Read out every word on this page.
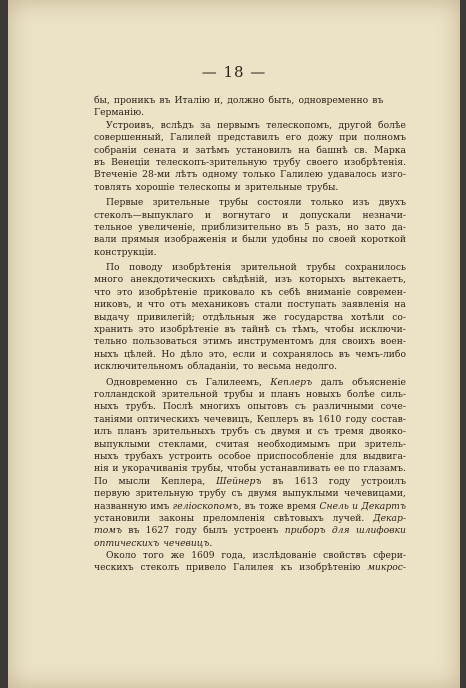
— 18 —
бы, проникъ въ Италію и, должно быть, одновременно въ
Германію.
Устроивъ, вслѣдъ за первымъ телескопомъ, другой болѣе
совершенный, Галилей представилъ его дожу при полномъ
собраніи сената и затѣмъ установилъ на башнѣ св. Марка
въ Венеціи телескопъ-зрительную трубу своего изобрѣтенія.
Втеченіе 28-ми лѣтъ одному только Галилею удавалось изго-
товлять хорошіе телескопы и зрительные трубы.
Первые зрительные трубы состояли только изъ двухъ
стеколъ—выпуклаго и вогнутаго и допускали незначи-
тельное увеличеніе, приблизительно въ 5 разъ, но зато да-
вали прямыя изображенія и были удобны по своей короткой
конструкціи.
По поводу изобрѣтенія зрительной трубы сохранилось
много анекдотическихъ свѣдѣній, изъ которыхъ вытекаетъ,
что это изобрѣтеніе приковало къ себѣ вниманіе современ-
никовъ, и что отъ механиковъ стали поступать заявленія на
выдачу привилегій; отдѣльныя же государства хотѣли со-
хранить это изобрѣтеніе въ тайнѣ съ тѣмъ, чтобы исключи-
тельно пользоваться этимъ инструментомъ для своихъ воен-
ныхъ цѣлей. Но дѣло это, если и сохранялось въ чемъ-либо
исключительномъ обладаніи, то весьма недолго.
Одновременно съ Галилеемъ, Кеплеръ далъ объясненіе
голландской зрительной трубы и планъ новыхъ болѣе силь-
ныхъ трубъ. Послѣ многихъ опытовъ съ различными соче-
таніями оптическихъ чечевицъ, Кеплеръ въ 1610 году состав-
илъ планъ зрительныхъ трубъ съ двумя и съ тремя двояко-
выпуклыми стеклами, считая необходимымъ при зритель-
ныхъ трубахъ устроить особое приспособленіе для выдвига-
нія и укорачиванія трубы, чтобы устанавливать ее по глазамъ.
По мысли Кеплера, Шейнеръ въ 1613 году устроилъ
первую зрительную трубу съ двумя выпуклыми чечевицами,
названную имъ геліоскопомъ, въ тоже время Снель и Декартъ
установили законы преломленія свѣтовыхъ лучей. Декар-
томъ въ 1627 году былъ устроенъ приборъ для шлифовки
оптическихъ чечевицъ.
Около того же 1609 года, изслѣдованіе свойствъ сфери-
ческихъ стеколъ привело Галилея къ изобрѣтенію микрос-
